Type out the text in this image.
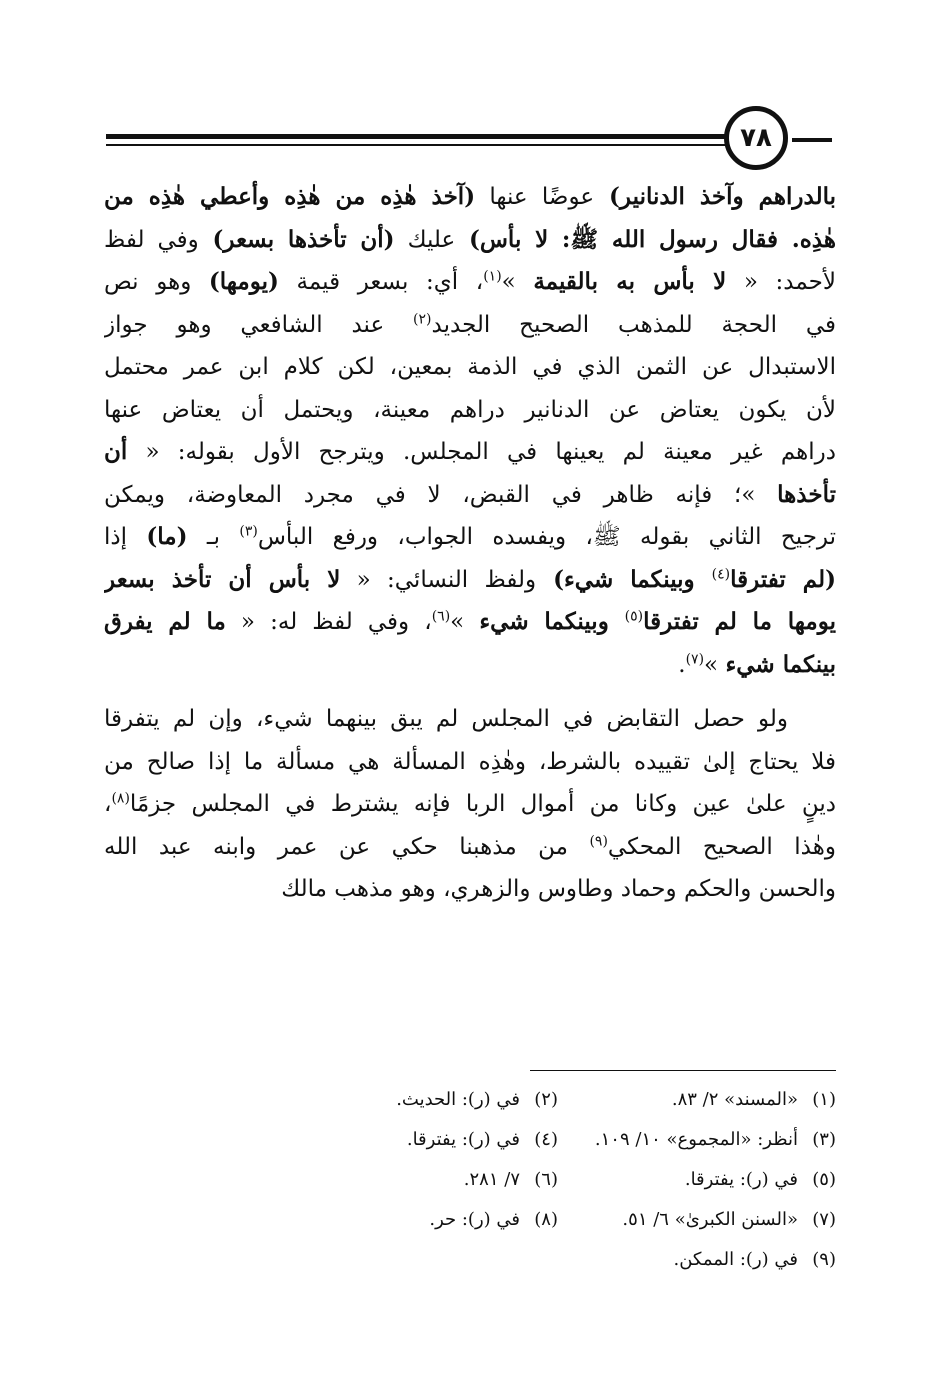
٧٨
بالدراهم وآخذ الدنانير) عوضًا عنها (آخذ هٰذِه من هٰذِه وأعطي هٰذِه من
هٰذِه. فقال رسول الله ﷺ: لا بأس) عليك (أن تأخذها بسعر) وفي لفظ
لأحمد: « لا بأس به بالقيمة »$^{(١)}$، أي: بسعر قيمة (يومها) وهو نص
في الحجة للمذهب الصحيح الجديد$^{(٢)}$ عند الشافعي وهو جواز
الاستبدال عن الثمن الذي في الذمة بمعين، لكن كلام ابن عمر محتمل
لأن يكون يعتاض عن الدنانير دراهم معينة، ويحتمل أن يعتاض عنها
دراهم غير معينة لم يعينها في المجلس. ويترجح الأول بقوله: « أن
تأخذها »؛ فإنه ظاهر في القبض، لا في مجرد المعاوضة، ويمكن
ترجيح الثاني بقوله ﷺ، ويفسده الجواب، ورفع البأس$^{(٣)}$ بـ (ما) إذا
(لم تفترقا$^{(٤)}$ وبينكما شيء) ولفظ النسائي: « لا بأس أن تأخذ بسعر
يومها ما لم تفترقا$^{(٥)}$ وبينكما شيء »$^{(٦)}$، وفي لفظ له: « ما لم يفرق
بينكما شيء »$^{(٧)}$.
ولو حصل التقابض في المجلس لم يبق بينهما شيء، وإن لم يتفرقا
فلا يحتاج إلىٰ تقييده بالشرط، وهٰذِه المسألة هي مسألة ما إذا صالح من
دينٍ علىٰ عين وكانا من أموال الربا فإنه يشترط في المجلس جزمًا$^{(٨)}$،
وهٰذا الصحيح المحكي$^{(٩)}$ من مذهبنا حكي عن عمر وابنه عبد الله
والحسن والحكم وحماد وطاوس والزهري، وهو مذهب مالك
(١)«المسند» ٢/ ٨٣.
(٢)في (ر): الحديث.
(٣)أنظر: «المجموع» ١٠/ ١٠٩.
(٤)في (ر): يفترقا.
(٥)في (ر): يفترقا.
(٦)٧/ ٢٨١.
(٧)«السنن الكبرىٰ» ٦/ ٥١.
(٨)في (ر): حر.
(٩)في (ر): الممكن.
